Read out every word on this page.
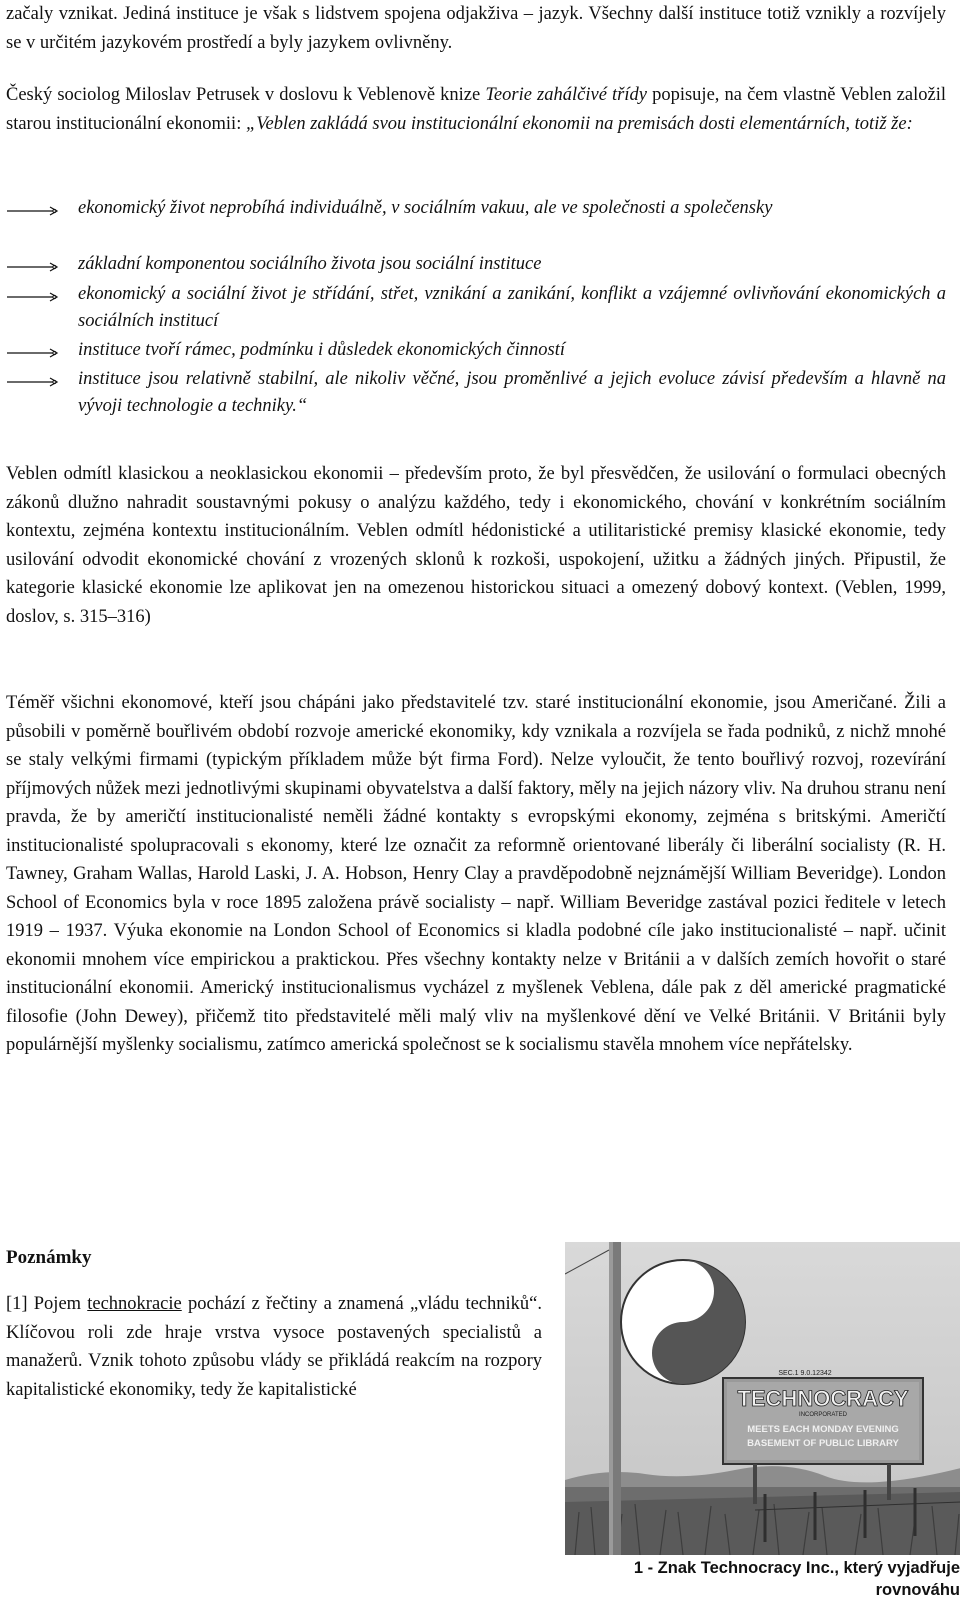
začaly vznikat. Jediná instituce je však s lidstvem spojena odjakživa – jazyk. Všechny další instituce totiž vznikly a rozvíjely se v určitém jazykovém prostředí a byly jazykem ovlivněny.

Český sociolog Miloslav Petrusek v doslovu k Veblenově knize Teorie zahálčivé třídy popisuje, na čem vlastně Veblen založil starou institucionální ekonomii: „Veblen zakládá svou institucionální ekonomii na premisách dosti elementárních, totiž že:

ekonomický život neprobíhá individuálně, v sociálním vakuu, ale ve společnosti a společensky
základní komponentou sociálního života jsou sociální instituce
ekonomický a sociální život je střídání, střet, vznikání a zanikání, konflikt a vzájemné ovlivňování ekonomických a sociálních institucí
instituce tvoří rámec, podmínku i důsledek ekonomických činností
instituce jsou relativně stabilní, ale nikoliv věčné, jsou proměnlivé a jejich evoluce závisí především a hlavně na vývoji technologie a techniky.“

Veblen odmítl klasickou a neoklasickou ekonomii – především proto, že byl přesvědčen, že usilování o formulaci obecných zákonů dlužno nahradit soustavnými pokusy o analýzu každého, tedy i ekonomického, chování v konkrétním sociálním kontextu, zejména kontextu institucionálním. Veblen odmítl hédonistické a utilitaristické premisy klasické ekonomie, tedy usilování odvodit ekonomické chování z vrozených sklonů k rozkoši, uspokojení, užitku a žádných jiných. Připustil, že kategorie klasické ekonomie lze aplikovat jen na omezenou historickou situaci a omezený dobový kontext. (Veblen, 1999, doslov, s. 315–316)

Téměř všichni ekonomové, kteří jsou chápáni jako představitelé tzv. staré institucionální ekonomie, jsou Američané. Žili a působili v poměrně bouřlivém období rozvoje americké ekonomiky, kdy vznikala a rozvíjela se řada podniků, z nichž mnohé se staly velkými firmami (typickým příkladem může být firma Ford). Nelze vyloučit, že tento bouřlivý rozvoj, rozevírání příjmových nůžek mezi jednotlivými skupinami obyvatelstva a další faktory, měly na jejich názory vliv. Na druhou stranu není pravda, že by američtí institucionalisté neměli žádné kontakty s evropskými ekonomy, zejména s britskými. Američtí institucionalisté spolupracovali s ekonomy, které lze označit za reformně orientované liberály či liberální socialisty (R. H. Tawney, Graham Wallas, Harold Laski, J. A. Hobson, Henry Clay a pravděpodobně nejznámější William Beveridge). London School of Economics byla v roce 1895 založena právě socialisty – např. William Beveridge zastával pozici ředitele v letech 1919 – 1937. Výuka ekonomie na London School of Economics si kladla podobné cíle jako institucionalisté – např. učinit ekonomii mnohem více empirickou a praktickou. Přes všechny kontakty nelze v Británii a v dalších zemích hovořit o staré institucionální ekonomii. Americký institucionalismus vycházel z myšlenek Veblena, dále pak z děl americké pragmatické filosofie (John Dewey), přičemž tito představitelé měli malý vliv na myšlenkové dění ve Velké Británii. V Británii byly populárnější myšlenky socialismu, zatímco americká společnost se k socialismu stavěla mnohem více nepřátelsky.

Poznámky

[1] Pojem technokracie pochází z řečtiny a znamená „vládu techniků“. Klíčovou roli zde hraje vrstva vysoce postavených specialistů a manažerů. Vznik tohoto způsobu vlády se přikládá reakcím na rozpory kapitalistické ekonomiky, tedy že kapitalistické

SEC.1 9.0.12342
TECHNOCRACY
INCORPORATED
MEETS EACH MONDAY EVENING
BASEMENT OF PUBLIC LIBRARY
1 - Znak Technocracy Inc., který vyjadřuje rovnováhu
